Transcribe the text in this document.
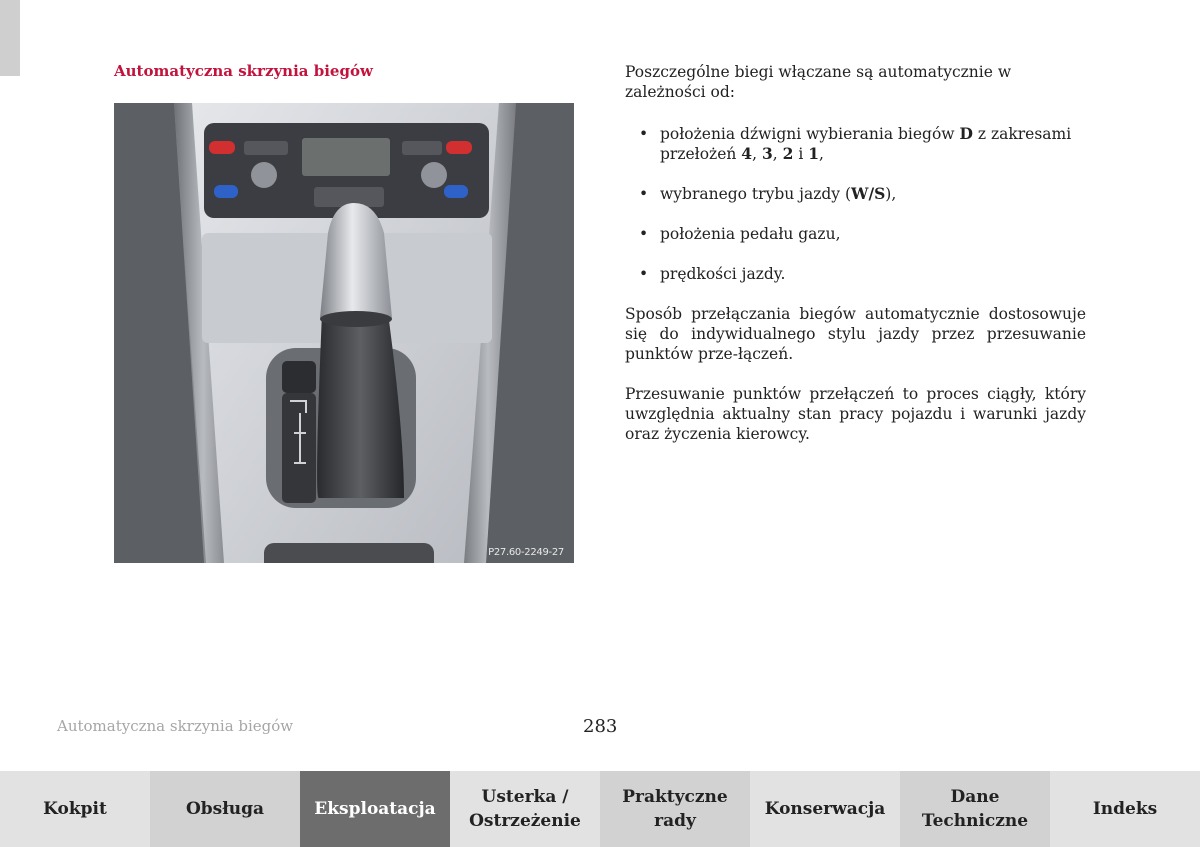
Automatyczna skrzynia biegów
P27.60-2249-27

Poszczególne biegi włączane są automatycznie w zależności od:

• położenia dźwigni wybierania biegów D z zakresami przełożeń 4, 3, 2 i 1,
• wybranego trybu jazdy (W/S),
• położenia pedału gazu,
• prędkości jazdy.

Sposób przełączania biegów automatycznie dostosowuje się do indywidualnego stylu jazdy przez przesuwanie punktów prze-łączeń.

Przesuwanie punktów przełączeń to proces ciągły, który uwzględnia aktualny stan pracy pojazdu i warunki jazdy oraz życzenia kierowcy.

Automatyczna skrzynia biegów	283
Kokpit	Obsługa	Eksploatacja
Usterka /
Ostrzeżenie
Praktyczne
rady
Konserwacja
Dane
Techniczne
Indeks
